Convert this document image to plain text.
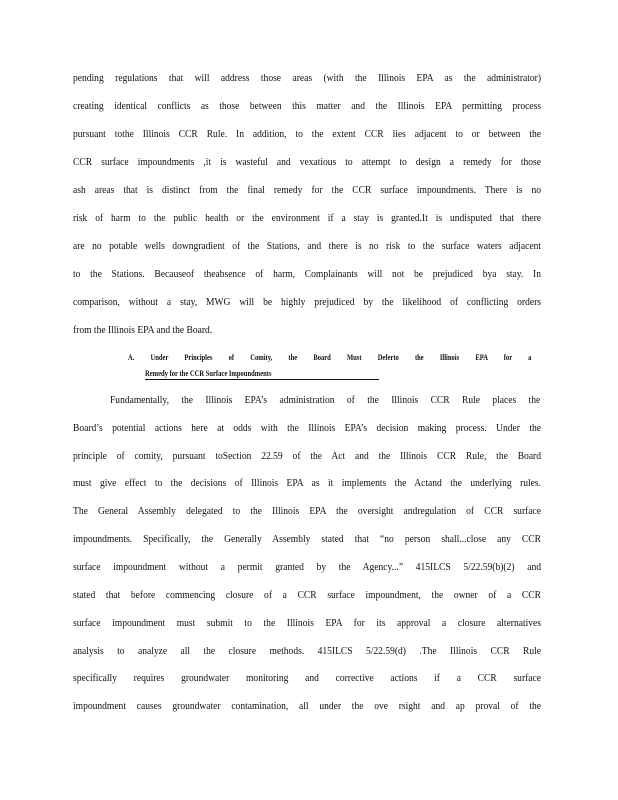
pending regulations that will address those areas (with the Illinois EPA as the administrator)
creating identical conflicts as those between this matter and the Illinois EPA permitting process
pursuant tothe Illinois CCR Rule. In addition, to the extent CCR lies adjacent to or between the
CCR surface impoundments ,it is wasteful and vexatious to attempt to design a remedy for those
ash areas that is distinct from the final remedy for the CCR surface impoundments. There is no
risk of harm to the public health or the environment if a stay is granted.It is undisputed that there
are no potable wells downgradient of the Stations, and there is no risk to the surface waters adjacent
to the Stations. Becauseof theabsence of harm, Complainants will not be prejudiced bya stay. In
comparison, without a stay, MWG will be highly prejudiced by the likelihood of conflicting orders
from the Illinois EPA and the Board.
A. Under Principles of Comity, the Board Must Deferto the Illinois EPA for a
Remedy for the CCR Surface Impoundments
Fundamentally, the Illinois EPA’s administration of the Illinois CCR Rule places the
Board’s potential actions here at odds with the Illinois EPA’s decision making process. Under the
principle of comity, pursuant toSection 22.59 of the Act and the Illinois CCR Rule, the Board
must give effect to the decisions of Illinois EPA as it implements the Actand the underlying rules.
The General Assembly delegated to the Illinois EPA the oversight andregulation of CCR surface
impoundments. Specifically, the Generally Assembly stated that “no person shall...close any CCR
surface impoundment without a permit granted by the Agency...” 415ILCS 5/22.59(b)(2) and
stated that before commencing closure of a CCR surface impoundment, the owner of a CCR
surface impoundment must submit to the Illinois EPA for its approval a closure alternatives
analysis to analyze all the closure methods. 415ILCS 5/22.59(d) .The Illinois CCR Rule
specifically requires groundwater monitoring and corrective actions if a CCR surface
impoundment causes groundwater contamination, all under the ove rsight and ap proval of the
